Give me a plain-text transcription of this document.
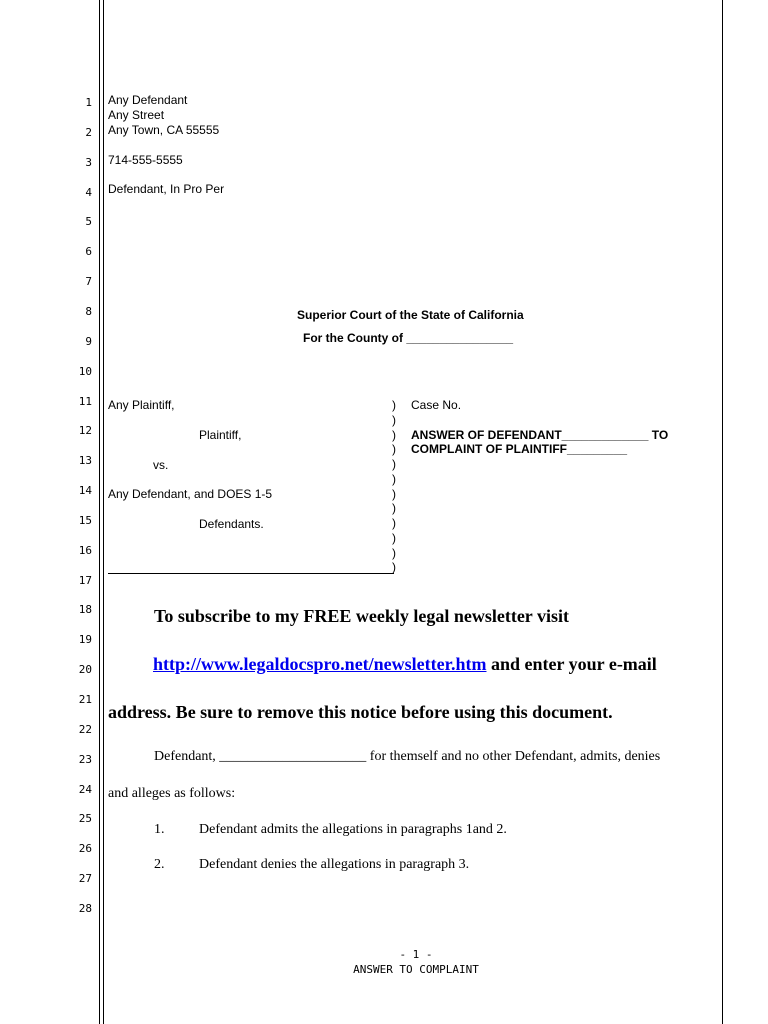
1
2
3
4
5
6
7
8
9
10
11
12
13
14
15
16
17
18
19
20
21
22
23
24
25
26
27
28
Any Defendant
Any Street
Any Town, CA 55555
714-555-5555
Defendant, In Pro Per
Superior Court of the State of California
For the County of ________________
Any Plaintiff,
Plaintiff,
vs.
Any Defendant, and DOES 1-5
Defendants.
)
)
)
)
)
)
)
)
)
)
)
)
Case No.
ANSWER OF DEFENDANT_____________ TO
COMPLAINT OF PLAINTIFF_________
To subscribe to my FREE weekly legal newsletter visit
http://www.legaldocspro.net/newsletter.htm and enter your e-mail
address. Be sure to remove this notice before using this document.
Defendant, _____________________ for themself and no other Defendant, admits, denies
and alleges as follows:
1. Defendant admits the allegations in paragraphs 1and 2.
2. Defendant denies the allegations in paragraph 3.
- 1 -
ANSWER TO COMPLAINT
